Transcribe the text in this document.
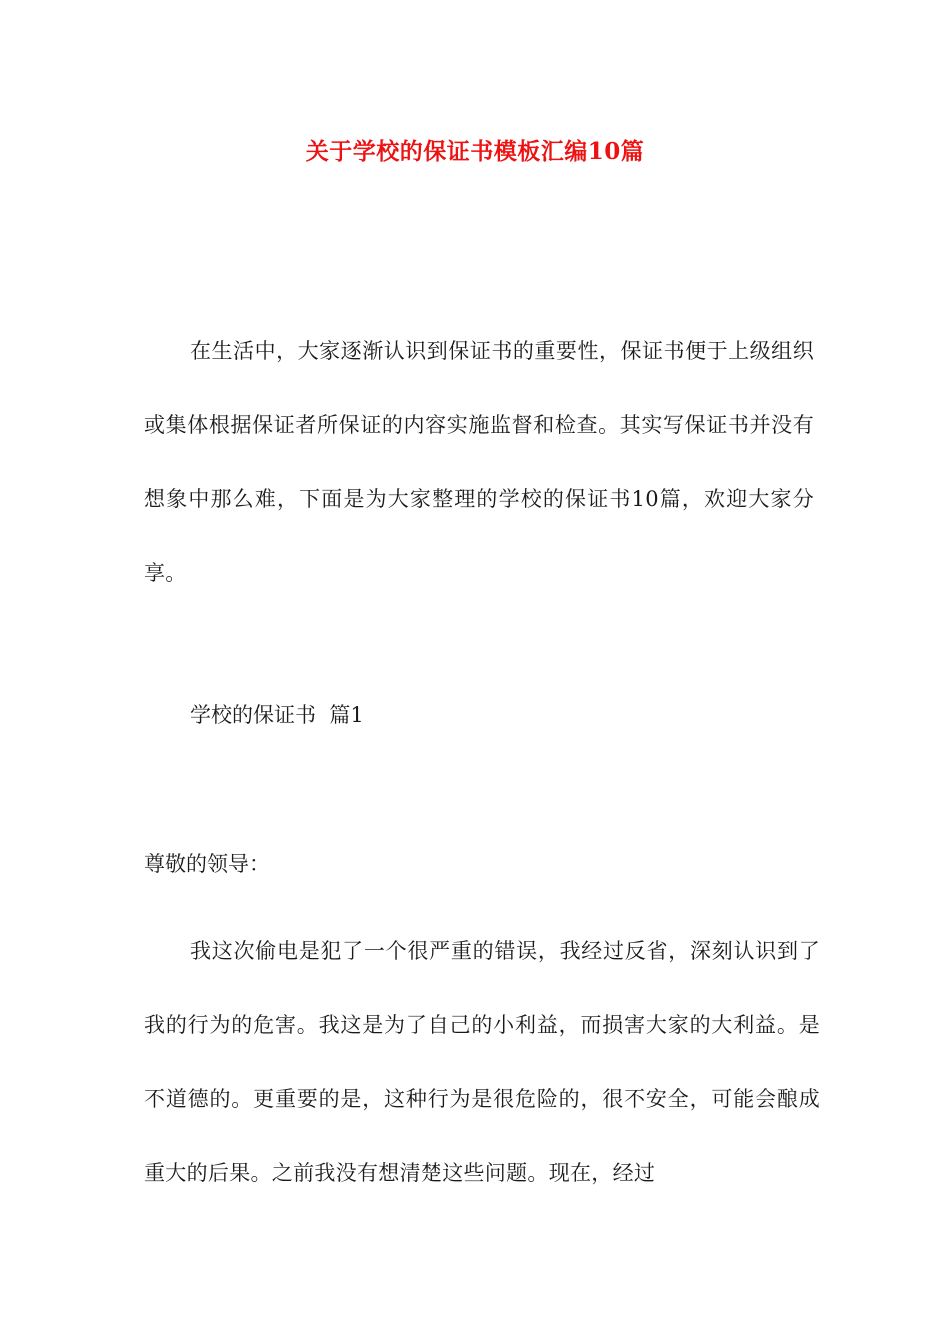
关于学校的保证书模板汇编10篇

在生活中，大家逐渐认识到保证书的重要性，保证书便于上级组织或集体根据保证者所保证的内容实施监督和检查。其实写保证书并没有想象中那么难，下面是为大家整理的学校的保证书10篇，欢迎大家分享。

学校的保证书  篇1

尊敬的领导：

我这次偷电是犯了一个很严重的错误，我经过反省，深刻认识到了我的行为的危害。我这是为了自己的小利益，而损害大家的大利益。是不道德的。更重要的是，这种行为是很危险的，很不安全，可能会酿成重大的后果。之前我没有想清楚这些问题。现在，经过
